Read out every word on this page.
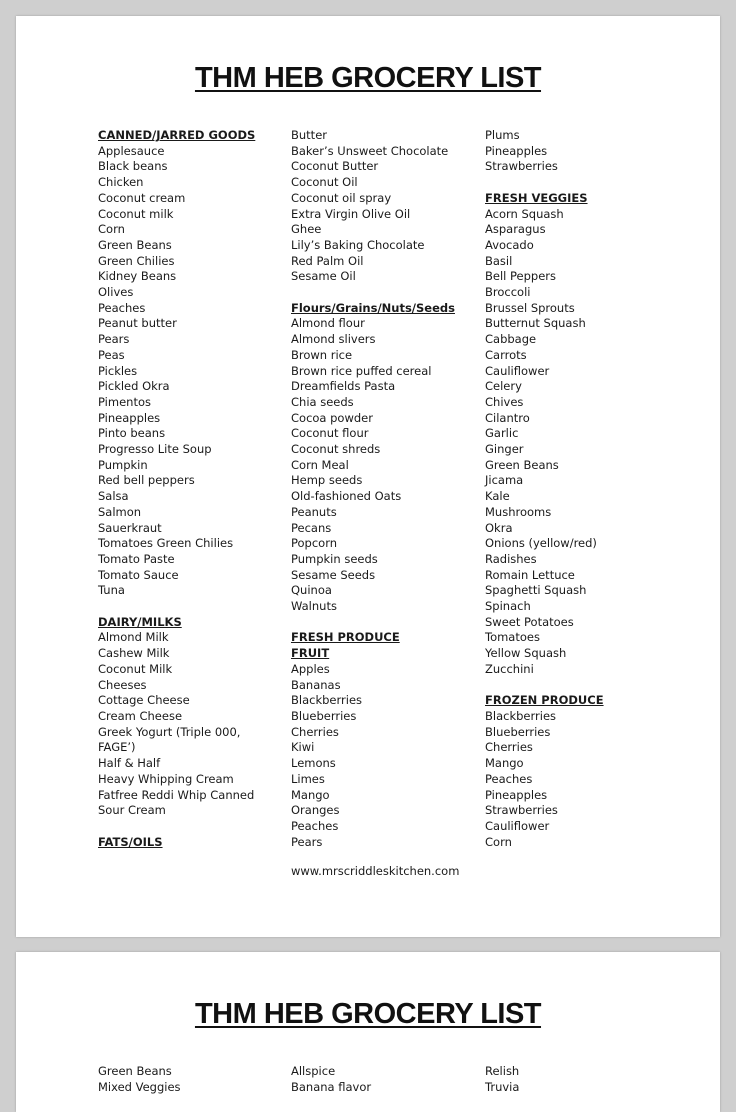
THM HEB GROCERY LIST
CANNED/JARRED GOODS
Applesauce
Black beans
Chicken
Coconut cream
Coconut milk
Corn
Green Beans
Green Chilies
Kidney Beans
Olives
Peaches
Peanut butter
Pears
Peas
Pickles
Pickled Okra
Pimentos
Pineapples
Pinto beans
Progresso Lite Soup
Pumpkin
Red bell peppers
Salsa
Salmon
Sauerkraut
Tomatoes Green Chilies
Tomato Paste
Tomato Sauce
Tuna
DAIRY/MILKS
Almond Milk
Cashew Milk
Coconut Milk
Cheeses
Cottage Cheese
Cream Cheese
Greek Yogurt (Triple 000, FAGE’)
Half & Half
Heavy Whipping Cream
Fatfree Reddi Whip Canned
Sour Cream
FATS/OILS
Butter
Baker’s Unsweet Chocolate
Coconut Butter
Coconut Oil
Coconut oil spray
Extra Virgin Olive Oil
Ghee
Lily’s Baking Chocolate
Red Palm Oil
Sesame Oil
Flours/Grains/Nuts/Seeds
Almond flour
Almond slivers
Brown rice
Brown rice puffed cereal
Dreamfields Pasta
Chia seeds
Cocoa powder
Coconut flour
Coconut shreds
Corn Meal
Hemp seeds
Old-fashioned Oats
Peanuts
Pecans
Popcorn
Pumpkin seeds
Sesame Seeds
Quinoa
Walnuts
FRESH PRODUCE
FRUIT
Apples
Bananas
Blackberries
Blueberries
Cherries
Kiwi
Lemons
Limes
Mango
Oranges
Peaches
Pears
Plums
Pineapples
Strawberries
FRESH VEGGIES
Acorn Squash
Asparagus
Avocado
Basil
Bell Peppers
Broccoli
Brussel Sprouts
Butternut Squash
Cabbage
Carrots
Cauliflower
Celery
Chives
Cilantro
Garlic
Ginger
Green Beans
Jicama
Kale
Mushrooms
Okra
Onions (yellow/red)
Radishes
Romain Lettuce
Spaghetti Squash
Spinach
Sweet Potatoes
Tomatoes
Yellow Squash
Zucchini
FROZEN PRODUCE
Blackberries
Blueberries
Cherries
Mango
Peaches
Pineapples
Strawberries
Cauliflower
Corn
www.mrscriddleskitchen.com
THM HEB GROCERY LIST
Green Beans
Mixed Veggies
Allspice
Banana flavor
Relish
Truvia
